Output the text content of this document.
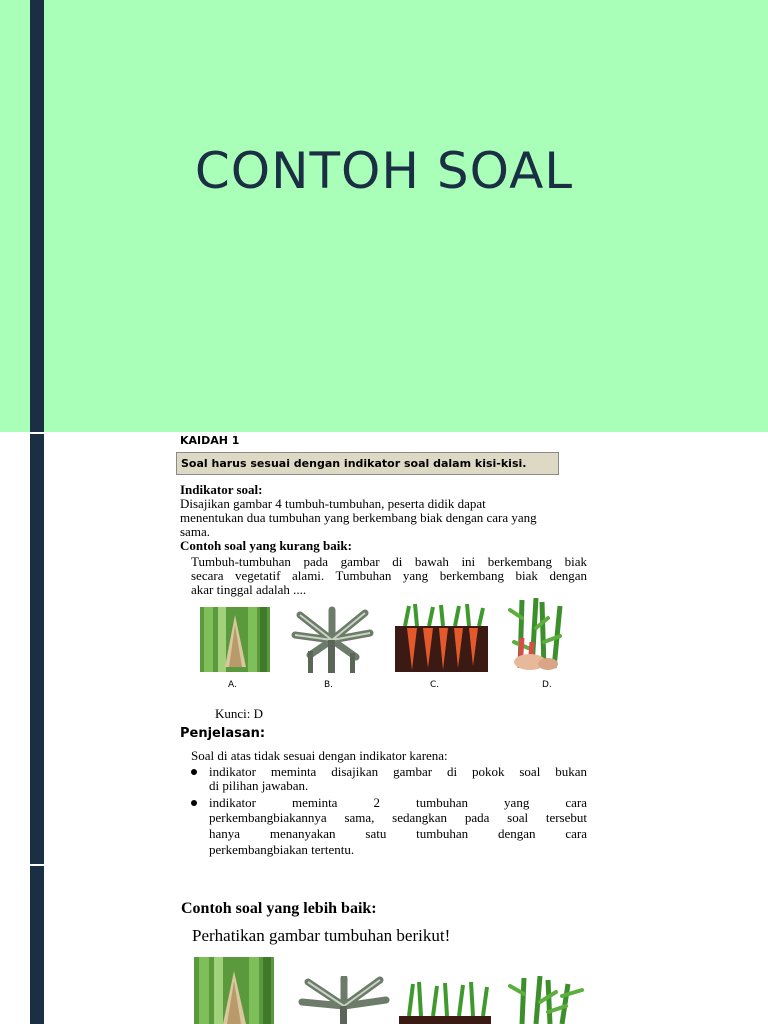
CONTOH SOAL
KAIDAH 1
Soal harus sesuai dengan indikator soal dalam kisi-kisi.
Indikator soal:
Disajikan gambar 4 tumbuh-tumbuhan, peserta didik dapat
menentukan dua tumbuhan yang berkembang biak dengan cara yang
sama.
Contoh soal yang kurang baik:
Tumbuh-tumbuhan pada gambar di bawah ini berkembang biak
secara vegetatif alami. Tumbuhan yang berkembang biak dengan
akar tinggal adalah ....
A.	B.	C.	D.
Kunci: D
Penjelasan:
Soal di atas tidak sesuai dengan indikator karena:
indikator meminta disajikan gambar di pokok soal bukan
di pilihan jawaban.
indikator meminta 2 tumbuhan yang cara
perkembangbiakannya sama, sedangkan pada soal tersebut
hanya menanyakan satu tumbuhan dengan cara
perkembangbiakan tertentu.
Contoh soal yang lebih baik:
Perhatikan gambar tumbuhan berikut!
